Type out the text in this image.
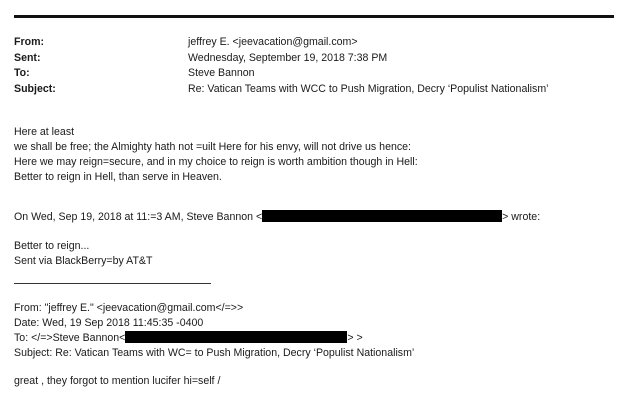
From:	jeffrey E. <jeevacation@gmail.com>
Sent:	Wednesday, September 19, 2018 7:38 PM
To:	Steve Bannon
Subject:	Re: Vatican Teams with WCC to Push Migration, Decry ‘Populist Nationalism’
Here at least
we shall be free; the Almighty hath not =uilt Here for his envy, will not drive us hence:
Here we may reign=secure, and in my choice to reign is worth ambition though in Hell:
Better to reign in Hell, than serve in Heaven.
On Wed, Sep 19, 2018 at 11:=3 AM, Steve Bannon <	> wrote:
Better to reign...
Sent via BlackBerry=by AT&T
From: "jeffrey E." <jeevacation@gmail.com</=>>
Date: Wed, 19 Sep 2018 11:45:35 -0400
To: </=>Steve Bannon<	> >
Subject: Re: Vatican Teams with WC= to Push Migration, Decry ‘Populist Nationalism’
great , they forgot to mention lucifer hi=self /
